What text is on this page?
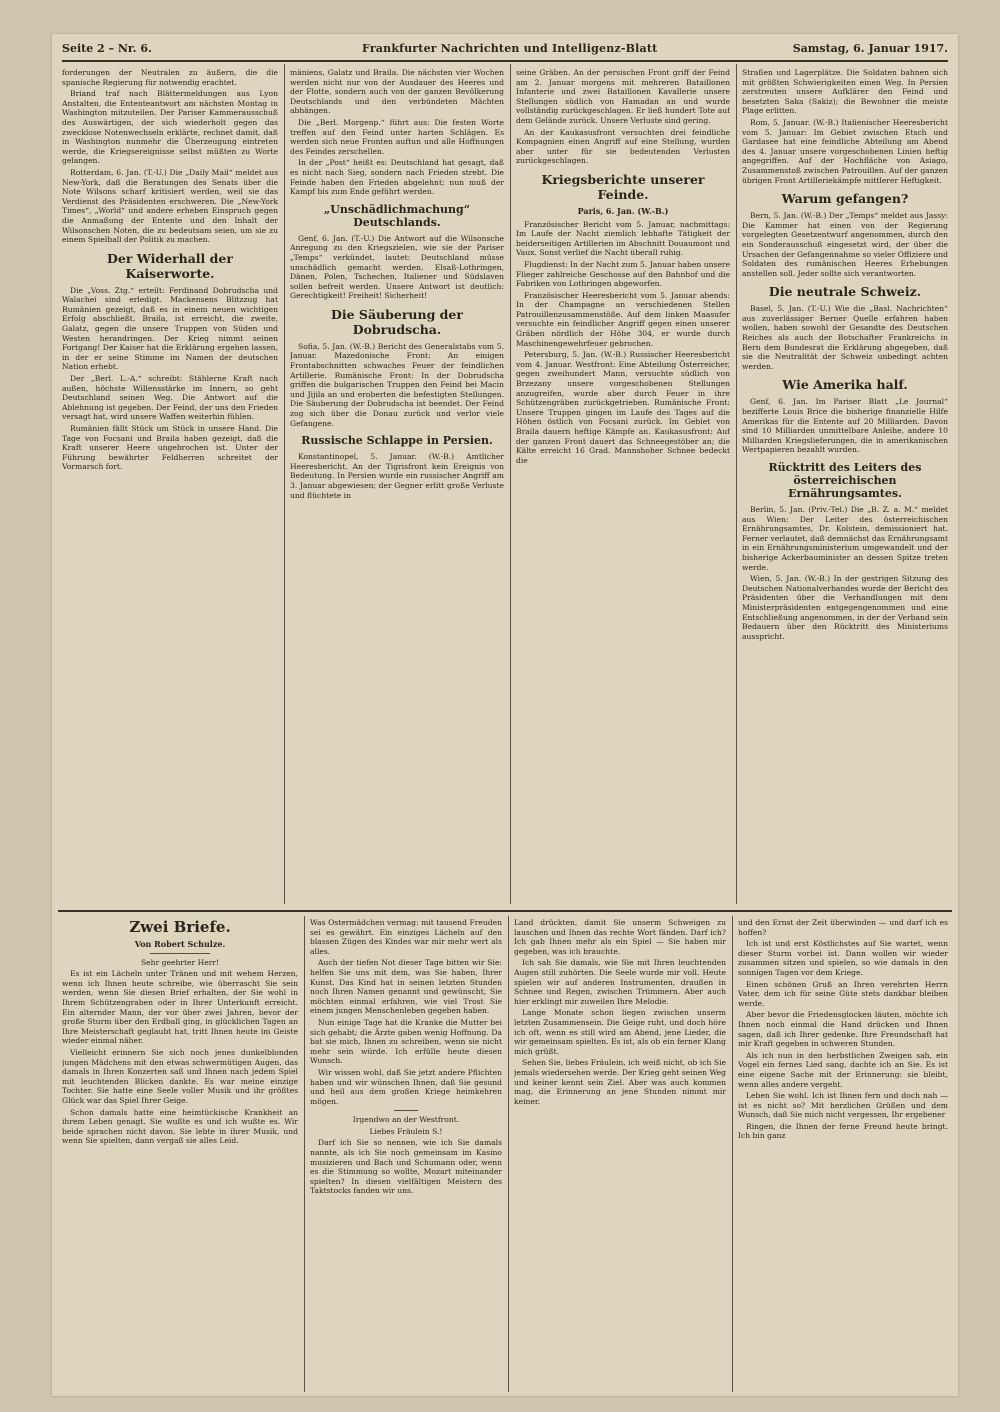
Seite 2 – Nr. 6.	Frankfurter Nachrichten und Intelligenz-Blatt	Samstag, 6. Januar 1917.

forderungen der Neutralen zu äußern, die die spanische Regierung für notwendig erachtet.

Briand traf nach Blättermeldungen aus Lyon Anstalten, die Ententeantwort am nächsten Montag in Washington mitzuteilen. Der Pariser Kammerausschuß des Auswärtigen, der sich wiederholt gegen das zwecklose Notenwechseln erklärte, rechnet damit, daß in Washington nunmehr die Überzeugung eintreten werde, die Kriegsereignisse selbst müßten zu Worte gelangen.

Rotterdam, 6. Jan. (T.-U.) Die „Daily Mail“ meldet aus New-York, daß die Beratungen des Senats über die Note Wilsons scharf kritisiert werden, weil sie das Verdienst des Präsidenten erschweren. Die „New-York Times“, „World“ und andere erheben Einspruch gegen die Anmaßung der Entente und den Inhalt der Wilsonschen Noten, die zu bedeutsam seien, um sie zu einem Spielball der Politik zu machen.

Der Widerhall der Kaiserworte.

Die „Voss. Ztg.“ erteilt: Ferdinand Dobrudscha und Walachei sind erledigt. Mackensens Blitzzug hat Rumänien gezeigt, daß es in einem neuen wichtigen Erfolg abschließt. Braila, ist erreicht, die zweite, Galatz, gegen die unsere Truppen von Süden und Westen herandringen. Der Krieg nimmt seinen Fortgang! Der Kaiser hat die Erklärung ergehen lassen, in der er seine Stimme im Namen der deutschen Nation erhebt.

Der „Berl. L.-A.“ schreibt: Stählerne Kraft nach außen, höchste Willensstärke im Innern, so geht Deutschland seinen Weg. Die Antwort auf die Ablehnung ist gegeben. Der Feind, der uns den Frieden versagt hat, wird unsere Waffen weiterhin fühlen.

Rumänien fällt Stück um Stück in unsere Hand. Die Tage von Focșani und Braila haben gezeigt, daß die Kraft unserer Heere ungebrochen ist. Unter der Führung bewährter Feldherren schreitet der Vormarsch fort.

mäniens, Galatz und Braila. Die nächsten vier Wochen werden nicht nur von der Ausdauer des Heeres und der Flotte, sondern auch von der ganzen Bevölkerung Deutschlands und den verbündeten Mächten abhängen.

Die „Berl. Morgenp.“ führt aus: Die festen Worte treffen auf den Feind unter harten Schlägen. Es werden sich neue Fronten auftun und alle Hoffnungen des Feindes zerschellen.

In der „Post“ heißt es: Deutschland hat gesagt, daß es nicht nach Sieg, sondern nach Frieden strebt. Die Feinde haben den Frieden abgelehnt; nun muß der Kampf bis zum Ende geführt werden.

„Unschädlichmachung“ Deutschlands.

Genf, 6. Jan. (T.-U.) Die Antwort auf die Wilsonsche Anregung zu den Kriegszielen, wie sie der Pariser „Temps“ verkündet, lautet: Deutschland müsse unschädlich gemacht werden. Elsaß-Lothringen, Dänen, Polen, Tschechen, Italiener und Südslaven sollen befreit werden. Unsere Antwort ist deutlich: Gerechtigkeit! Freiheit! Sicherheit!

Die Säuberung der Dobrudscha.

Sofia, 5. Jan. (W.-B.) Bericht des Generalstabs vom 5. Januar. Mazedonische Front: An einigen Frontabschnitten schwaches Feuer der feindlichen Artillerie. Rumänische Front: In der Dobrudscha griffen die bulgarischen Truppen den Feind bei Macin und Jijila an und eroberten die befestigten Stellungen. Die Säuberung der Dobrudscha ist beendet. Der Feind zog sich über die Donau zurück und verlor viele Gefangene.

Russische Schlappe in Persien.

Konstantinopel, 5. Januar. (W.-B.) Amtlicher Heeresbericht. An der Tigrisfront kein Ereignis von Bedeutung. In Persien wurde ein russischer Angriff am 3. Januar abgewiesen; der Gegner erlitt große Verluste und flüchtete in

seine Gräben. An der persischen Front griff der Feind am 2. Januar morgens mit mehreren Bataillonen Infanterie und zwei Bataillonen Kavallerie unsere Stellungen südlich von Hamadan an und wurde vollständig zurückgeschlagen. Er ließ hundert Tote auf dem Gelände zurück. Unsere Verluste sind gering.

An der Kaukasusfront versuchten drei feindliche Kompagnien einen Angriff auf eine Stellung, wurden aber unter für sie bedeutenden Verlusten zurückgeschlagen.

Kriegsberichte unserer Feinde.
Paris, 6. Jan. (W.-B.)

Französischer Bericht vom 5. Januar, nachmittags: Im Laufe der Nacht ziemlich lebhafte Tätigkeit der beiderseitigen Artillerien im Abschnitt Douaumont und Vaux. Sonst verlief die Nacht überall ruhig.

Flugdienst: In der Nacht zum 5. Januar haben unsere Flieger zahlreiche Geschosse auf den Bahnhof und die Fabriken von Lothringen abgeworfen.

Französischer Heeresbericht vom 5. Januar abends: In der Champagne an verschiedenen Stellen Patrouillenzusammenstöße. Auf dem linken Maasufer versuchte ein feindlicher Angriff gegen einen unserer Gräben nördlich der Höhe 304, er wurde durch Maschinengewehrfeuer gebrochen.

Petersburg, 5. Jan. (W.-B.) Russischer Heeresbericht vom 4. Januar. Westfront: Eine Abteilung Österreicher, gegen zweihundert Mann, versuchte südlich von Brzezany unsere vorgeschobenen Stellungen anzugreifen, wurde aber durch Feuer in ihre Schützengräben zurückgetrieben. Rumänische Front: Unsere Truppen gingen im Laufe des Tages auf die Höhen östlich von Focșani zurück. Im Gebiet von Braila dauern heftige Kämpfe an. Kaukasusfront: Auf der ganzen Front dauert das Schneegestöber an; die Kälte erreicht 16 Grad. Mannshoher Schnee bedeckt die

Straßen und Lagerplätze. Die Soldaten bahnen sich mit größten Schwierigkeiten einen Weg. In Persien zerstreuten unsere Aufklärer den Feind und besetzten Saka (Sakiz); die Bewohner die meiste Plage erlitten.

Rom, 5. Januar. (W.-B.) Italienischer Heeresbericht vom 5. Januar: Im Gebiet zwischen Etsch und Gardasee hat eine feindliche Abteilung am Abend des 4. Januar unsere vorgeschobenen Linien heftig angegriffen. Auf der Hochfläche von Asiago, Zusammenstoß zwischen Patrouillen. Auf der ganzen übrigen Front Artilleriekämpfe mittlerer Heftigkeit.

Warum gefangen?

Bern, 5. Jan. (W.-B.) Der „Temps“ meldet aus Jassy: Die Kammer hat einen von der Regierung vorgelegten Gesetzentwurf angenommen, durch den ein Sonderausschuß eingesetzt wird, der über die Ursachen der Gefangennahme so vieler Offiziere und Soldaten des rumänischen Heeres Erhebungen anstellen soll. Jeder sollte sich verantworten.

Die neutrale Schweiz.

Basel, 5. Jan. (T.-U.) Wie die „Basl. Nachrichten“ aus zuverlässiger Berner Quelle erfahren haben wollen, haben sowohl der Gesandte des Deutschen Reiches als auch der Botschafter Frankreichs in Bern dem Bundesrat die Erklärung abgegeben, daß sie die Neutralität der Schweiz unbedingt achten werden.

Wie Amerika half.

Genf, 6. Jan. Im Pariser Blatt „Le Journal“ bezifferte Louis Brice die bisherige finanzielle Hilfe Amerikas für die Entente auf 20 Milliarden. Davon sind 10 Milliarden unmittelbare Anleihe, andere 10 Milliarden Kriegslieferungen, die in amerikanischen Wertpapieren bezahlt wurden.

Rücktritt des Leiters des österreichischen Ernährungsamtes.

Berlin, 5. Jan. (Priv.-Tel.) Die „B. Z. a. M.“ meldet aus Wien: Der Leiter des österreichischen Ernährungsamtes, Dr. Kolstein, demissioniert hat. Ferner verlautet, daß demnächst das Ernährungsamt in ein Ernährungsministerium umgewandelt und der bisherige Ackerbauminister an dessen Spitze treten werde.

Wien, 5. Jan. (W.-B.) In der gestrigen Sitzung des Deutschen Nationalverbandes wurde der Bericht des Präsidenten über die Verhandlungen mit dem Ministerpräsidenten entgegengenommen und eine Entschließung angenommen, in der der Verband sein Bedauern über den Rücktritt des Ministeriums ausspricht.

Zwei Briefe.
Von Robert Schulze.

Sehr geehrter Herr!

Es ist ein Lächeln unter Tränen und mit wehem Herzen, wenn ich Ihnen heute schreibe, wie überrascht Sie sein werden, wenn Sie diesen Brief erhalten, der Sie wohl in Ihrem Schützengraben oder in Ihrer Unterkunft erreicht. Ein alternder Mann, der vor über zwei Jahren, bevor der große Sturm über den Erdball ging, in glücklichen Tagen an Ihre Meisterschaft geglaubt hat, tritt Ihnen heute im Geiste wieder einmal näher.

Vielleicht erinnern Sie sich noch jenes dunkelblonden jungen Mädchens mit den etwas schwermütigen Augen, das damals in Ihren Konzerten saß und Ihnen nach jedem Spiel mit leuchtenden Blicken dankte. Es war meine einzige Tochter. Sie hatte eine Seele voller Musik und ihr größtes Glück war das Spiel Ihrer Geige.

Schon damals hatte eine heimtückische Krankheit an ihrem Leben genagt. Sie wußte es und ich wußte es. Wir beide sprachen nicht davon. Sie lebte in ihrer Musik, und wenn Sie spielten, dann vergaß sie alles Leid.

Was Ostermädchen vermag: mit tausend Freuden sei es gewährt. Ein einziges Lächeln auf den blassen Zügen des Kindes war mir mehr wert als alles.

Auch der tiefen Not dieser Tage bitten wir Sie: helfen Sie uns mit dem, was Sie haben, Ihrer Kunst. Das Kind hat in seinen letzten Stunden noch Ihren Namen genannt und gewünscht, Sie möchten einmal erfahren, wie viel Trost Sie einem jungen Menschenleben gegeben haben.

Nun einige Tage hat die Kranke die Mutter bei sich gehabt; die Ärzte gaben wenig Hoffnung. Da bat sie mich, Ihnen zu schreiben, wenn sie nicht mehr sein würde. Ich erfülle heute diesen Wunsch.

Wir wissen wohl, daß Sie jetzt andere Pflichten haben und wir wünschen Ihnen, daß Sie gesund und heil aus dem großen Kriege heimkehren mögen.

Irgendwo an der Westfront.

Liebes Fräulein S.!

Darf ich Sie so nennen, wie ich Sie damals nannte, als ich Sie noch gemeinsam im Kasino musizieren und Bach und Schumann oder, wenn es die Stimmung so wollte, Mozart miteinander spielten? In diesen vielfältigen Meistern des Taktstocks fanden wir uns.

Land drückten, damit Sie unserm Schweigen zu lauschen und Ihnen das rechte Wort fänden. Darf ich? Ich gab Ihnen mehr als ein Spiel — Sie haben mir gegeben, was ich brauchte.

Ich sah Sie damals, wie Sie mit Ihren leuchtenden Augen still zuhörten. Die Seele wurde mir voll. Heute spielen wir auf anderen Instrumenten, draußen in Schnee und Regen, zwischen Trümmern. Aber auch hier erklingt mir zuweilen Ihre Melodie.

Lange Monate schon liegen zwischen unserm letzten Zusammensein. Die Geige ruht, und doch höre ich oft, wenn es still wird am Abend, jene Lieder, die wir gemeinsam spielten. Es ist, als ob ein ferner Klang mich grüßt.

Sehen Sie, liebes Fräulein, ich weiß nicht, ob ich Sie jemals wiedersehen werde. Der Krieg geht seinen Weg und keiner kennt sein Ziel. Aber was auch kommen mag, die Erinnerung an jene Stunden nimmt mir keiner.

und den Ernst der Zeit überwinden — und darf ich es hoffen?

Ich ist und erst Köstlichstes auf Sie wartet, wenn dieser Sturm vorbei ist. Dann wollen wir wieder zusammen sitzen und spielen, so wie damals in den sonnigen Tagen vor dem Kriege.

Einen schönen Gruß an Ihren verehrten Herrn Vater, dem ich für seine Güte stets dankbar bleiben werde.

Aber bevor die Friedensglocken läuten, möchte ich Ihnen noch einmal die Hand drücken und Ihnen sagen, daß ich Ihrer gedenke. Ihre Freundschaft hat mir Kraft gegeben in schweren Stunden.

Als ich nun in den herbstlichen Zweigen sah, ein Vogel ein fernes Lied sang, dachte ich an Sie. Es ist eine eigene Sache mit der Erinnerung: sie bleibt, wenn alles andere vergeht.

Leben Sie wohl. Ich ist Ihnen fern und doch nah — ist es nicht so? Mit herzlichen Grüßen und dem Wunsch, daß Sie mich nicht vergessen, Ihr ergebener

Ringen, die Ihnen der ferne Freund heute bringt. Ich bin ganz
